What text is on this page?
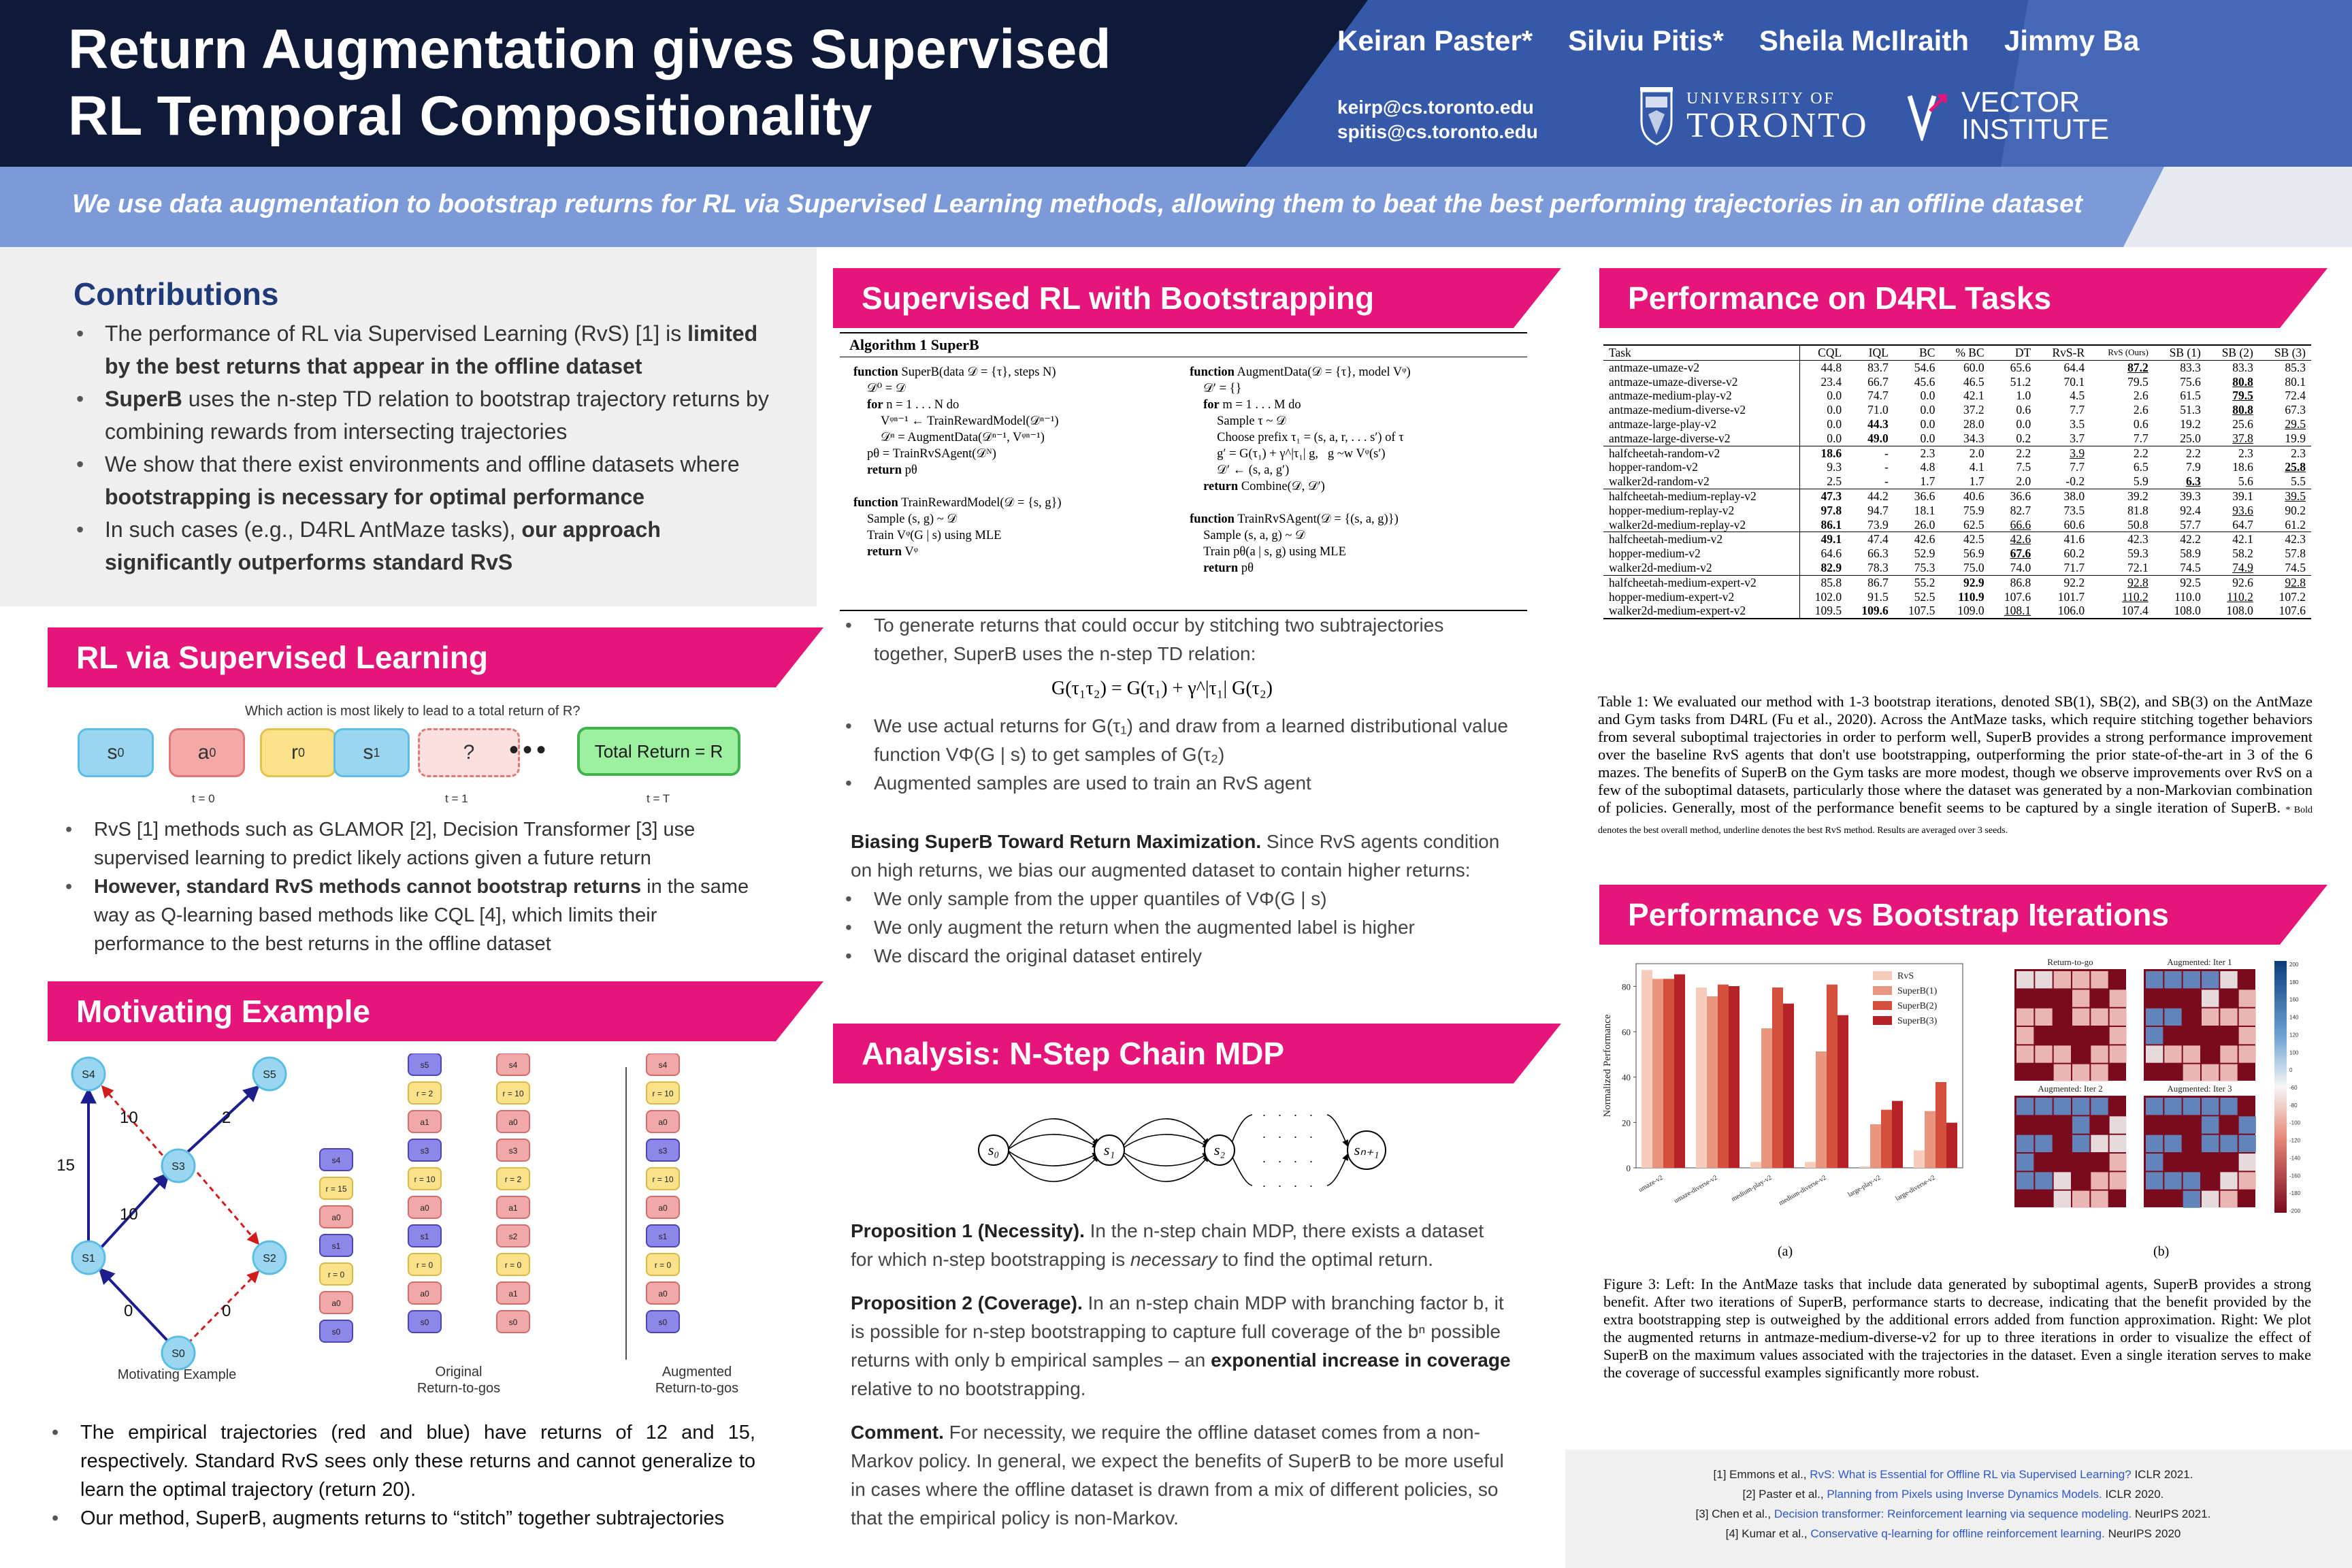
Return Augmentation gives Supervised
RL Temporal Compositionality
Keiran Paster* Silviu Pitis* Sheila McIlraith Jimmy Ba
keirp@cs.toronto.edu
spitis@cs.toronto.edu
UNIVERSITY OF
TORONTO
VECTOR
INSTITUTE
We use data augmentation to bootstrap returns for RL via Supervised Learning methods, allowing them to beat the best performing trajectories in an offline dataset
Contributions
• The performance of RL via Supervised Learning (RvS) [1] is limited by the best returns that appear in the offline dataset
• SuperB uses the n-step TD relation to bootstrap trajectory returns by combining rewards from intersecting trajectories
• We show that there exist environments and offline datasets where bootstrapping is necessary for optimal performance
• In such cases (e.g., D4RL AntMaze tasks), our approach significantly outperforms standard RvS
RL via Supervised Learning
Which action is most likely to lead to a total return of R?
s 0	a 0	r 0	s 1	?	•••	Total Return = R
t = 0	t = 1	t = T
• RvS [1] methods such as GLAMOR [2], Decision Transformer [3] use supervised learning to predict likely actions given a future return
• However, standard RvS methods cannot bootstrap returns in the same way as Q-learning based methods like CQL [4], which limits their performance to the best returns in the offline dataset
Motivating Example
S4	S5
S3
S1	S2
S0
10	2
15
10
0	0
Motivating Example
s4
r = 15
a0
s1
r = 0
a0
s0
s5
r = 2
a1
s3
r = 10
a0
s1
r = 0
a0
s0
s4
r = 10
a0
s3
r = 2
a1
s2
r = 0
a1
s0
s4
r = 10
a0
s3
r = 10
a0
s1
r = 0
a0
s0
Original
Return-to-gos
Augmented
Return-to-gos
• The empirical trajectories (red and blue) have returns of 12 and 15, respectively. Standard RvS sees only these returns and cannot generalize to learn the optimal trajectory (return 20).
• Our method, SuperB, augments returns to “stitch” together subtrajectories
Supervised RL with Bootstrapping
Algorithm 1 SuperB
function SuperB(data 𝒟 = {τ}, steps N)
𝒟⁰ = 𝒟
for n = 1 . . . N do
Vᵠⁿ⁻¹ ← TrainRewardModel(𝒟ⁿ⁻¹)
𝒟ⁿ = AugmentData(𝒟ⁿ⁻¹, Vᵠⁿ⁻¹)
pθ = TrainRvSAgent(𝒟ᴺ)
return pθ

function TrainRewardModel(𝒟 = {s, g})
Sample (s, g) ~ 𝒟
Train Vᵠ(G | s) using MLE
return Vᵠ
function AugmentData(𝒟 = {τ}, model Vᵠ)
𝒟′ = {}
for m = 1 . . . M do
Sample τ ~ 𝒟
Choose prefix τ₁ = (s, a, r, . . . s′) of τ
g′ = G(τ₁) + γ^|τ₁| g,   g ~w Vᵠ(s′)
𝒟′ ← (s, a, g′)
return Combine(𝒟, 𝒟′)

function TrainRvSAgent(𝒟 = {(s, a, g)})
Sample (s, a, g) ~ 𝒟
Train pθ(a | s, g) using MLE
return pθ
• To generate returns that could occur by stitching two subtrajectories together, SuperB uses the n-step TD relation:
G(τ₁τ₂) = G(τ₁) + γ^|τ₁| G(τ₂)
• We use actual returns for G(τ₁) and draw from a learned distributional value function VΦ(G | s) to get samples of G(τ₂)
• Augmented samples are used to train an RvS agent
Biasing SuperB Toward Return Maximization. Since RvS agents condition on high returns, we bias our augmented dataset to contain higher returns:
• We only sample from the upper quantiles of VΦ(G | s)
• We only augment the return when the augmented label is higher
• We discard the original dataset entirely
Analysis: N-Step Chain MDP
s₀	s₁	s₂	sₙ₊₁
· · · ·
· · · ·
· · · ·
· · · ·
Proposition 1 (Necessity). In the n-step chain MDP, there exists a dataset for which n-step bootstrapping is necessary to find the optimal return.
Proposition 2 (Coverage). In an n-step chain MDP with branching factor b, it is possible for n-step bootstrapping to capture full coverage of the bⁿ possible returns with only b empirical samples – an exponential increase in coverage relative to no bootstrapping.
Comment. For necessity, we require the offline dataset comes from a non-Markov policy. In general, we expect the benefits of SuperB to be more useful in cases where the offline dataset is drawn from a mix of different policies, so that the empirical policy is non-Markov.
Performance on D4RL Tasks
Task	CQL	IQL	BC	% BC	DT	RvS-R	RvS (Ours)	SB (1)	SB (2)	SB (3)
antmaze-umaze-v2	44.8	83.7	54.6	60.0	65.6	64.4	87.2	83.3	83.3	85.3
antmaze-umaze-diverse-v2	23.4	66.7	45.6	46.5	51.2	70.1	79.5	75.6	80.8	80.1
antmaze-medium-play-v2	0.0	74.7	0.0	42.1	1.0	4.5	2.6	61.5	79.5	72.4
antmaze-medium-diverse-v2	0.0	71.0	0.0	37.2	0.6	7.7	2.6	51.3	80.8	67.3
antmaze-large-play-v2	0.0	44.3	0.0	28.0	0.0	3.5	0.6	19.2	25.6	29.5
antmaze-large-diverse-v2	0.0	49.0	0.0	34.3	0.2	3.7	7.7	25.0	37.8	19.9
halfcheetah-random-v2	18.6	-	2.3	2.0	2.2	3.9	2.2	2.2	2.3	2.3
hopper-random-v2	9.3	-	4.8	4.1	7.5	7.7	6.5	7.9	18.6	25.8
walker2d-random-v2	2.5	-	1.7	1.7	2.0	-0.2	5.9	6.3	5.6	5.5
halfcheetah-medium-replay-v2	47.3	44.2	36.6	40.6	36.6	38.0	39.2	39.3	39.1	39.5
hopper-medium-replay-v2	97.8	94.7	18.1	75.9	82.7	73.5	81.8	92.4	93.6	90.2
walker2d-medium-replay-v2	86.1	73.9	26.0	62.5	66.6	60.6	50.8	57.7	64.7	61.2
halfcheetah-medium-v2	49.1	47.4	42.6	42.5	42.6	41.6	42.3	42.2	42.1	42.3
hopper-medium-v2	64.6	66.3	52.9	56.9	67.6	60.2	59.3	58.9	58.2	57.8
walker2d-medium-v2	82.9	78.3	75.3	75.0	74.0	71.7	72.1	74.5	74.9	74.5
halfcheetah-medium-expert-v2	85.8	86.7	55.2	92.9	86.8	92.2	92.8	92.5	92.6	92.8
hopper-medium-expert-v2	102.0	91.5	52.5	110.9	107.6	101.7	110.2	110.0	110.2	107.2
walker2d-medium-expert-v2	109.5	109.6	107.5	109.0	108.1	106.0	107.4	108.0	108.0	107.6
Table 1: We evaluated our method with 1-3 bootstrap iterations, denoted SB(1), SB(2), and SB(3) on the AntMaze and Gym tasks from D4RL (Fu et al., 2020). Across the AntMaze tasks, which require stitching together behaviors from several suboptimal trajectories in order to perform well, SuperB provides a strong performance improvement over the baseline RvS agents that don't use bootstrapping, outperforming the prior state-of-the-art in 3 of the 6 mazes. The benefits of SuperB on the Gym tasks are more modest, though we observe improvements over RvS on a few of the suboptimal datasets, particularly those where the dataset was generated by a non-Markovian combination of policies. Generally, most of the performance benefit seems to be captured by a single iteration of SuperB. * Bold denotes the best overall method, underline denotes the best RvS method. Results are averaged over 3 seeds.
Performance vs Bootstrap Iterations
0
20
40
60
80
Normalized Performance
umaze-v2 umaze-diverse-v2 medium-play-v2 medium-diverse-v2	large-play-v2 large-diverse-v2
RvS
SuperB(1)
SuperB(2)
SuperB(3)
(a)
Return-to-go	Augmented: Iter 1
Augmented: Iter 2	Augmented: Iter 3
200
180
160
140
120
100
0
-60
-80
-100
-120
-140
-160
-180
-200
(b)
Figure 3: Left: In the AntMaze tasks that include data generated by suboptimal agents, SuperB provides a strong benefit. After two iterations of SuperB, performance starts to decrease, indicating that the benefit provided by the extra bootstrapping step is outweighed by the additional errors added from function approximation. Right: We plot the augmented returns in antmaze-medium-diverse-v2 for up to three iterations in order to visualize the effect of SuperB on the maximum values associated with the trajectories in the dataset. Even a single iteration serves to make the coverage of successful examples significantly more robust.
[1] Emmons et al., RvS: What is Essential for Offline RL via Supervised Learning? ICLR 2021.
[2] Paster et al., Planning from Pixels using Inverse Dynamics Models. ICLR 2020.
[3] Chen et al., Decision transformer: Reinforcement learning via sequence modeling. NeurIPS 2021.
[4] Kumar et al., Conservative q-learning for offline reinforcement learning. NeurIPS 2020
